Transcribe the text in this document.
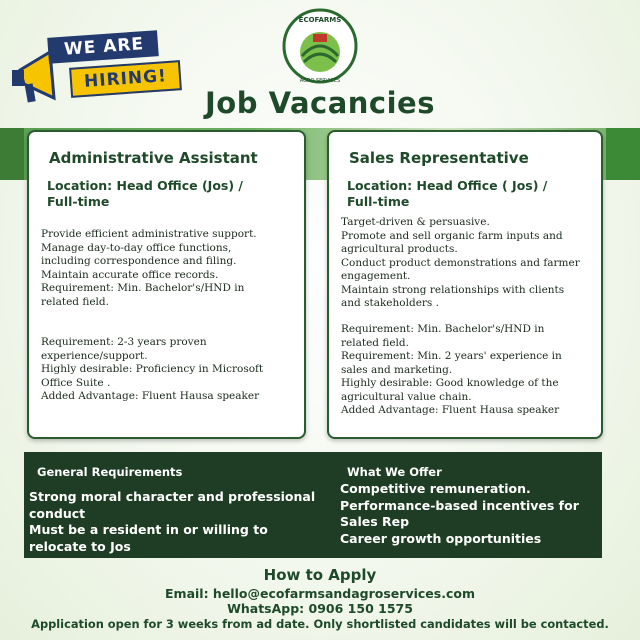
WE ARE
HIRING!
ECOFARMS
AGRO SERVICES
Job Vacancies
Administrative Assistant
Location: Head Office (Jos) / Full-time
Provide efficient administrative support.
Manage day-to-day office functions, including correspondence and filing.
Maintain accurate office records.
Requirement: Min. Bachelor's/HND in related field.
Requirement: 2-3 years proven experience/support.
Highly desirable: Proficiency in Microsoft Office Suite .
Added Advantage: Fluent Hausa speaker
Sales Representative
Location: Head Office ( Jos) / Full-time
Target-driven & persuasive.
Promote and sell organic farm inputs and agricultural products.
Conduct product demonstrations and farmer engagement.
Maintain strong relationships with clients and stakeholders .
Requirement: Min. Bachelor's/HND in related field.
Requirement: Min. 2 years' experience in sales and marketing.
Highly desirable: Good knowledge of the agricultural value chain.
Added Advantage: Fluent Hausa speaker
General Requirements
Strong moral character and professional conduct
Must be a resident in or willing to relocate to Jos
What We Offer
Competitive remuneration.
Performance-based incentives for Sales Rep
Career growth opportunities
How to Apply
Email: hello@ecofarmsandagroservices.com
WhatsApp: 0906 150 1575
Application open for 3 weeks from ad date. Only shortlisted candidates will be contacted.
